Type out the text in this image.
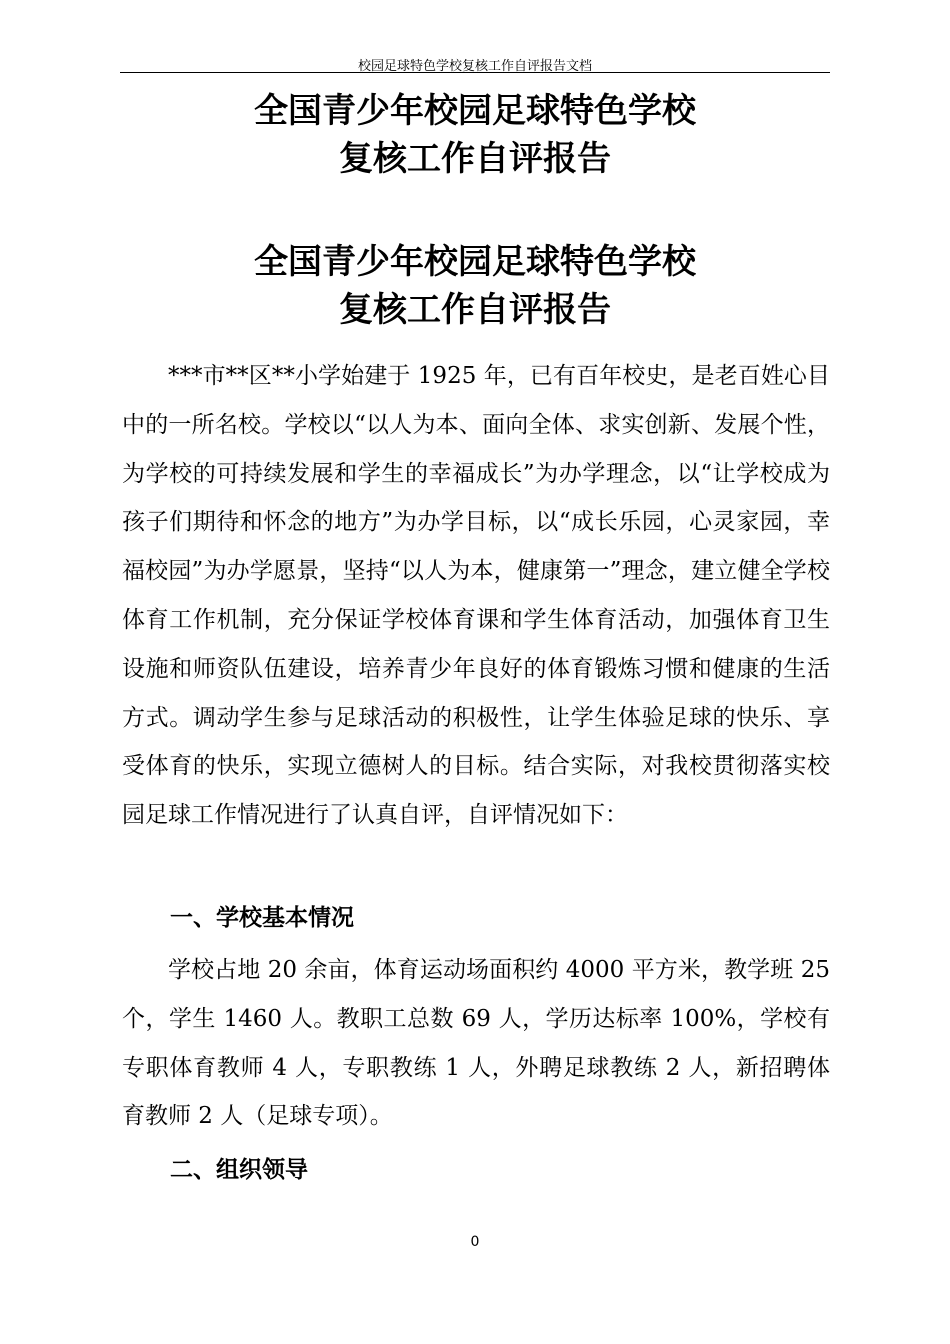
校园足球特色学校复核工作自评报告文档
全国青少年校园足球特色学校
复核工作自评报告
全国青少年校园足球特色学校
复核工作自评报告

***市**区**小学始建于 1925 年，已有百年校史，是老百姓心目中的一所名校。学校以“以人为本、面向全体、求实创新、发展个性，为学校的可持续发展和学生的幸福成长”为办学理念，以“让学校成为孩子们期待和怀念的地方”为办学目标，以“成长乐园，心灵家园，幸福校园”为办学愿景，坚持“以人为本，健康第一”理念，建立健全学校体育工作机制，充分保证学校体育课和学生体育活动，加强体育卫生设施和师资队伍建设，培养青少年良好的体育锻炼习惯和健康的生活方式。调动学生参与足球活动的积极性，让学生体验足球的快乐、享受体育的快乐，实现立德树人的目标。结合实际，对我校贯彻落实校园足球工作情况进行了认真自评，自评情况如下：

一、学校基本情况

学校占地 20 余亩，体育运动场面积约 4000 平方米，教学班 25 个，学生 1460 人。教职工总数 69 人，学历达标率 100%，学校有专职体育教师 4 人，专职教练 1 人，外聘足球教练 2 人，新招聘体育教师 2 人（足球专项）。

二、组织领导
0
